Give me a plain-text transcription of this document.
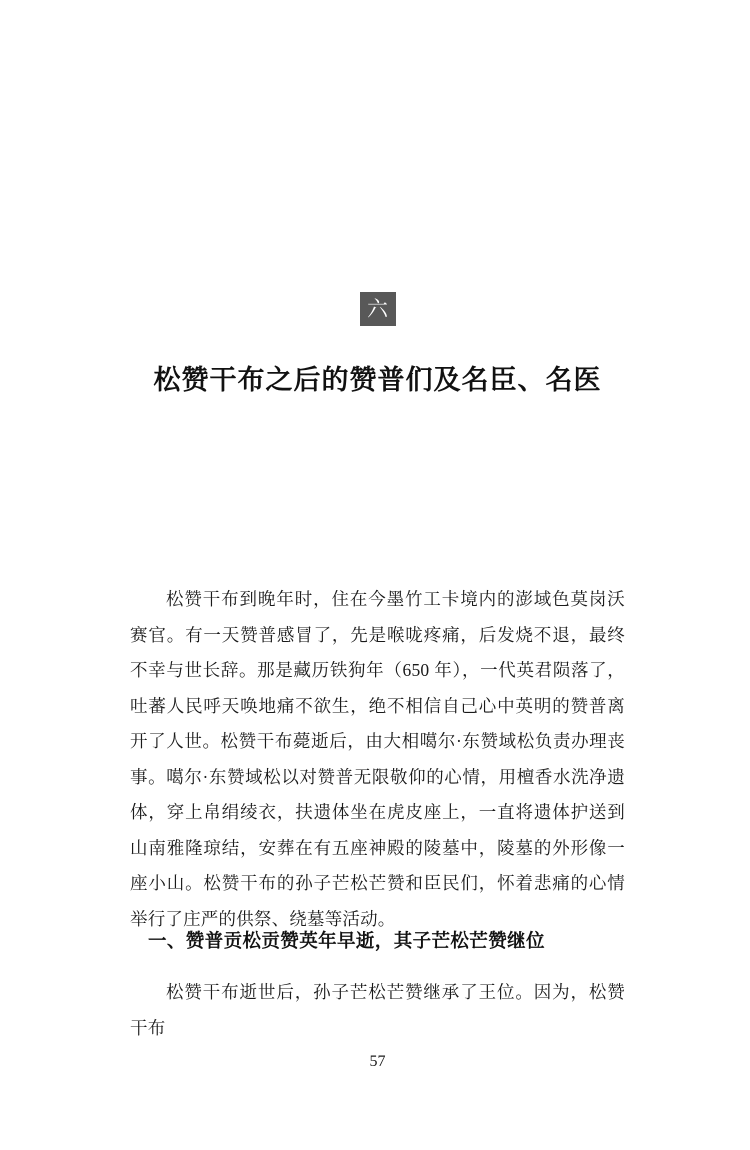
六
松赞干布之后的赞普们及名臣、名医

松赞干布到晚年时，住在今墨竹工卡境内的澎域色莫岗沃赛官。有一天赞普感冒了，先是喉咙疼痛，后发烧不退，最终不幸与世长辞。那是藏历铁狗年（650 年），一代英君陨落了，吐蕃人民呼天唤地痛不欲生，绝不相信自己心中英明的赞普离开了人世。松赞干布薨逝后，由大相噶尔·东赞域松负责办理丧事。噶尔·东赞域松以对赞普无限敬仰的心情，用檀香水洗净遗体，穿上帛绢绫衣，扶遗体坐在虎皮座上，一直将遗体护送到山南雅隆琼结，安葬在有五座神殿的陵墓中，陵墓的外形像一座小山。松赞干布的孙子芒松芒赞和臣民们，怀着悲痛的心情举行了庄严的供祭、绕墓等活动。

一、赞普贡松贡赞英年早逝，其子芒松芒赞继位

松赞干布逝世后，孙子芒松芒赞继承了王位。因为，松赞干布

57
